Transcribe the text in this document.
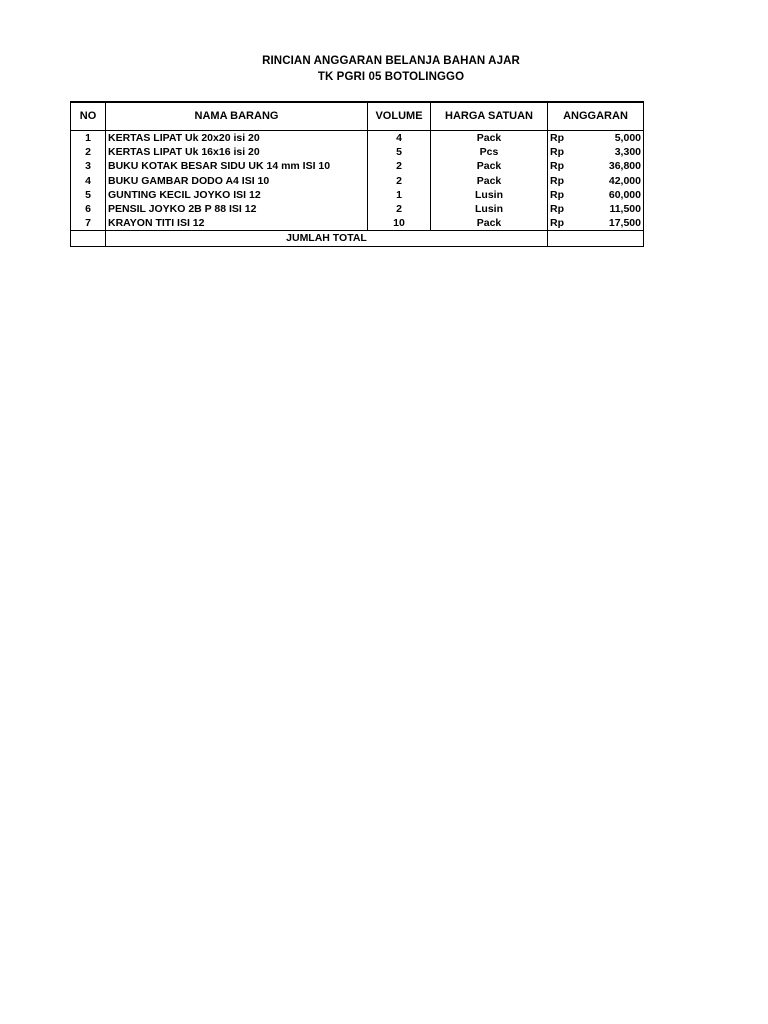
RINCIAN ANGGARAN BELANJA BAHAN AJAR
TK PGRI 05 BOTOLINGGO
NO	NAMA BARANG	VOLUME	HARGA SATUAN	ANGGARAN	
1	KERTAS LIPAT Uk 20x20 isi 20	4	Pack	Rp	5,000
2	KERTAS LIPAT Uk 16x16 isi 20	5	Pcs	Rp	3,300
3	BUKU KOTAK BESAR SIDU UK 14 mm ISI 10	2	Pack	Rp	36,800
4	BUKU GAMBAR DODO A4 ISI 10	2	Pack	Rp	42,000
5	GUNTING KECIL JOYKO ISI 12	1	Lusin	Rp	60,000
6	PENSIL JOYKO 2B P 88 ISI 12	2	Lusin	Rp	11,500
7	KRAYON TITI ISI 12	10	Pack	Rp	17,500
	JUMLAH TOTAL				
